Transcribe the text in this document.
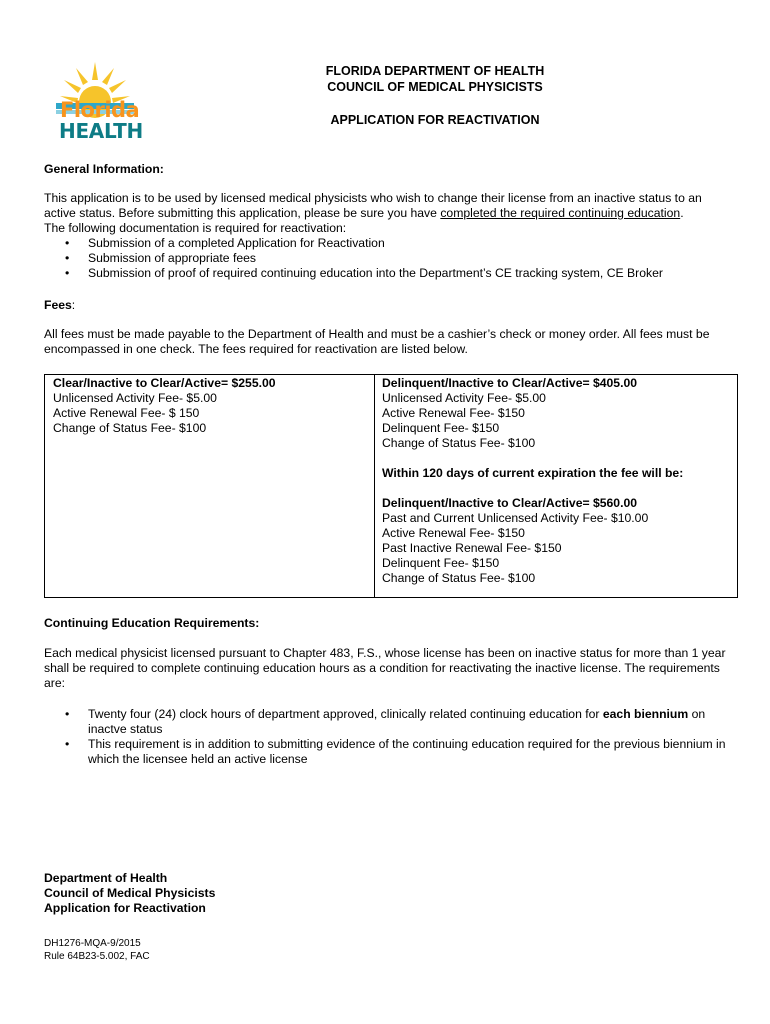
Florida
HEALTH
FLORIDA DEPARTMENT OF HEALTH
COUNCIL OF MEDICAL PHYSICISTS
APPLICATION FOR REACTIVATION
General Information:

This application is to be used by licensed medical physicists who wish to change their license from an inactive status to an active status. Before submitting this application, please be sure you have completed the required continuing education.

The following documentation is required for reactivation:

• Submission of a completed Application for Reactivation
• Submission of appropriate fees
• Submission of proof of required continuing education into the Department’s CE tracking system, CE Broker
Fees:
All fees must be made payable to the Department of Health and must be a cashier’s check or money order. All fees must be encompassed in one check. The fees required for reactivation are listed below.
Clear/Inactive to Clear/Active= $255.00
Unlicensed Activity Fee- $5.00
Active Renewal Fee- $ 150
Change of Status Fee- $100
Delinquent/Inactive to Clear/Active= $405.00
Unlicensed Activity Fee- $5.00
Active Renewal Fee- $150
Delinquent Fee- $150
Change of Status Fee- $100
Within 120 days of current expiration the fee will be:
Delinquent/Inactive to Clear/Active= $560.00
Past and Current Unlicensed Activity Fee- $10.00
Active Renewal Fee- $150
Past Inactive Renewal Fee- $150
Delinquent Fee- $150
Change of Status Fee- $100
Continuing Education Requirements:
Each medical physicist licensed pursuant to Chapter 483, F.S., whose license has been on inactive status for more than 1 year shall be required to complete continuing education hours as a condition for reactivating the inactive license. The requirements are:
• Twenty four (24) clock hours of department approved, clinically related continuing education for each biennium on inactve status
• This requirement is in addition to submitting evidence of the continuing education required for the previous biennium in which the licensee held an active license
Department of Health
Council of Medical Physicists
Application for Reactivation
DH1276-MQA-9/2015
Rule 64B23-5.002, FAC
